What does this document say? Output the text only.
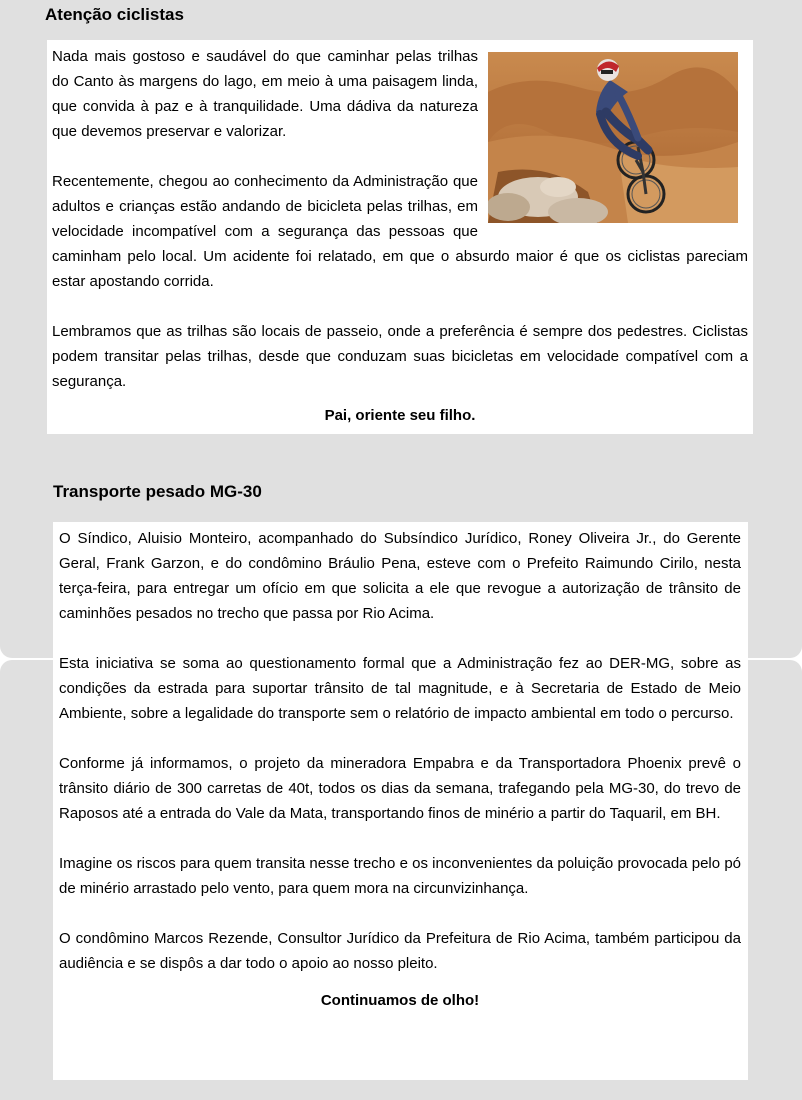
Atenção ciclistas

Nada mais gostoso e saudável do que caminhar pelas trilhas do Canto às margens do lago, em meio à uma paisagem linda, que convida à paz e à tranquilidade. Uma dádiva da natureza que devemos preservar e valorizar.

Recentemente, chegou ao conhecimento da Administração que adultos e crianças estão andando de bicicleta pelas trilhas, em velocidade incompatível com a segurança das pessoas que caminham pelo local. Um acidente foi relatado, em que o absurdo maior é que os ciclistas pareciam estar apostando corrida.

Lembramos que as trilhas são locais de passeio, onde a preferência é sempre dos pedestres. Ciclistas podem transitar pelas trilhas, desde que conduzam suas bicicletas em velocidade compatível com a segurança.

Pai, oriente seu filho.

Transporte pesado MG-30

O Síndico, Aluisio Monteiro, acompanhado do Subsíndico Jurídico, Roney Oliveira Jr., do Gerente Geral, Frank Garzon, e do condômino Bráulio Pena, esteve com o Prefeito Raimundo Cirilo, nesta terça-feira, para entregar um ofício em que solicita a ele que revogue a autorização de trânsito de caminhões pesados no trecho que passa por Rio Acima.

Esta iniciativa se soma ao questionamento formal que a Administração fez ao DER-MG, sobre as condições da estrada para suportar trânsito de tal magnitude, e à Secretaria de Estado de Meio Ambiente, sobre a legalidade do transporte sem o relatório de impacto ambiental em todo o percurso.

Conforme já informamos, o projeto da mineradora Empabra e da Transportadora Phoenix prevê o trânsito diário de 300 carretas de 40t, todos os dias da semana, trafegando pela MG-30, do trevo de Raposos até a entrada do Vale da Mata, transportando finos de minério a partir do Taquaril, em BH.

Imagine os riscos para quem transita nesse trecho e os inconvenientes da poluição provocada pelo pó de minério arrastado pelo vento, para quem mora na circunvizinhança.

O condômino Marcos Rezende, Consultor Jurídico da Prefeitura de Rio Acima, também participou da audiência e se dispôs a dar todo o apoio ao nosso pleito.

Continuamos de olho!
